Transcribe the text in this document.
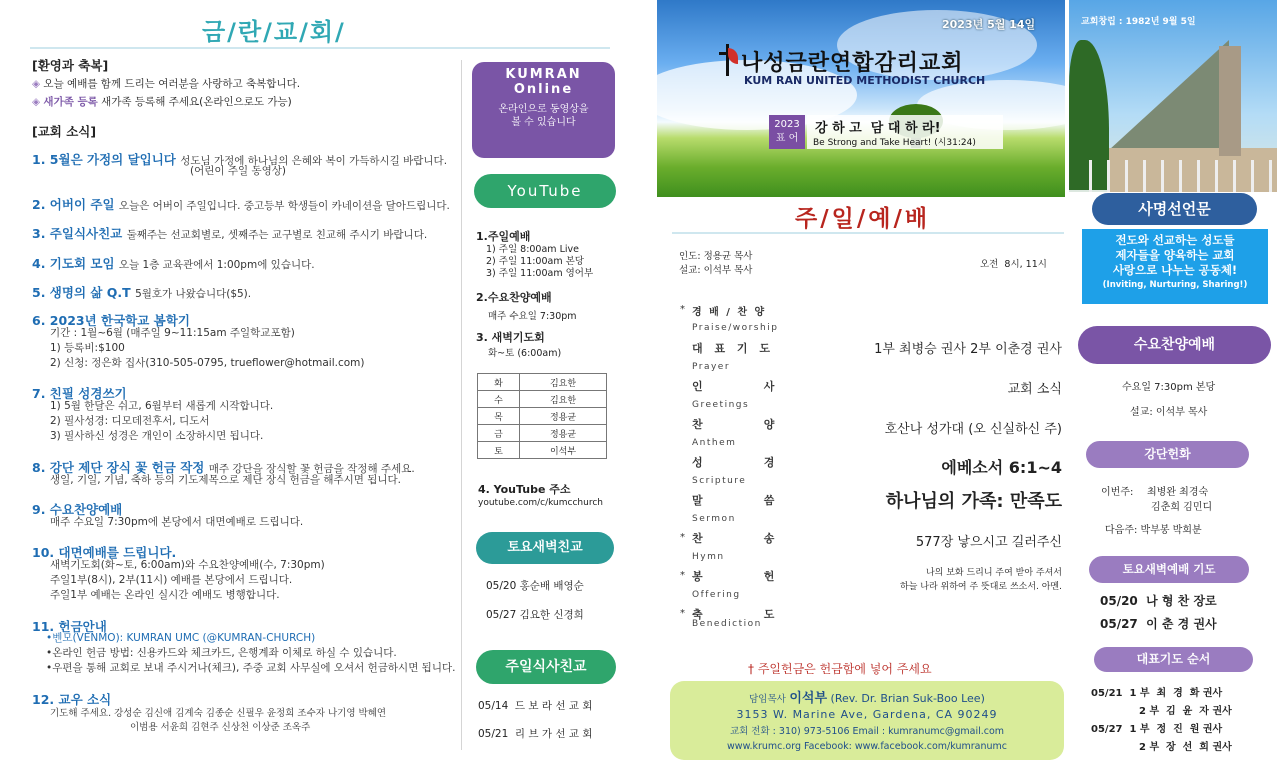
금/란/교/회/
[환영과 축복]
◈ 오늘 예배를 함께 드리는 여러분을 사랑하고 축복합니다.
◈ 새가족 등록 새가족 등록해 주세요(온라인으로도 가능)
[교회 소식]
1. 5월은 가정의 달입니다 성도님 가정에 하나님의 은혜와 복이 가득하시길 바랍니다.
(어린이 주일 동영상)
2. 어버이 주일 오늘은 어버이 주일입니다. 중고등부 학생들이 카네이션을 달아드립니다.
3. 주일식사친교 둘째주는 선교회별로, 셋째주는 교구별로 친교해 주시기 바랍니다.
4. 기도회 모임 오늘 1층 교육관에서 1:00pm에 있습니다.
5. 생명의 삶 Q.T 5월호가 나왔습니다($5).
6. 2023년 한국학교 봄학기
기간 : 1월~6월 (매주일 9~11:15am 주일학교포함)
1) 등록비:$100
2) 신청: 정은화 집사(310-505-0795, trueflower@hotmail.com)
7. 친필 성경쓰기
1) 5월 한달은 쉬고, 6월부터 새롭게 시작합니다.
2) 필사성경: 디모데전후서, 디도서
3) 필사하신 성경은 개인이 소장하시면 됩니다.
8. 강단 제단 장식 꽃 헌금 작정 매주 강단을 장식할 꽃 헌금을 작정해 주세요.
생일, 기일, 기념, 축하 등의 기도제목으로 제단 장식 헌금을 해주시면 됩니다.
9. 수요찬양예배
매주 수요일 7:30pm에 본당에서 대면예배로 드립니다.
10. 대면예배를 드립니다.
새벽기도회(화~토, 6:00am)와 수요찬양예배(수, 7:30pm)
주일1부(8시), 2부(11시) 예배를 본당에서 드립니다.
주일1부 예배는 온라인 실시간 예배도 병행합니다.
11. 헌금안내
•벤모(VENMO): KUMRAN UMC (@KUMRAN-CHURCH)
•온라인 헌금 방법: 신용카드와 체크카드, 은행계좌 이체로 하실 수 있습니다.
•우편을 통해 교회로 보내 주시거나(체크), 주중 교회 사무실에 오셔서 헌금하시면 됩니다.
12. 교우 소식
기도해 주세요. 강성순 김신애 김계숙 김종순 신필우 윤정희 조수자 나기영 박혜연
이범용 서윤희 김현주 신상천 이상준 조옥주
KUMRAN Online
온라인으로 동영상을 볼 수 있습니다
YouTube
1.주일예배
1) 주일 8:00am Live
2) 주일 11:00am 본당
3) 주일 11:00am 영어부
2.수요찬양예배
매주 수요일 7:30pm
3. 새벽기도회
화~토 (6:00am)
화	김요한
수	김요한
목	정용균
금	정용균
토	이석부
4. YouTube 주소
youtube.com/c/kumcchurch
토요새벽친교
05/20 홍순배 배영순
05/27 김요한 신경희
주일식사친교
05/14  드 보 라 선 교 회
05/21  리 브 가 선 교 회
2023년 5월 14일
나성금란연합감리교회
KUM RAN UNITED METHODIST CHURCH
2023
표 어
강 하 고  담 대 하 라!
Be Strong and Take Heart! (시31:24)
교회창립 : 1982년 9월 5일
주/일/예/배
인도: 정용균 목사
설교: 이석부 목사
오전  8시, 11시
* 경 배 / 찬 양
Praise/worship
대 표 기 도
Prayer
1부 최병승 권사 2부 이춘경 권사
인     사
Greetings
교회 소식
찬     양
Anthem
호산나 성가대 (오 신실하신 주)
성     경
Scripture
에베소서 6:1~4
말     씀
Sermon
하나님의 가족: 만족도
* 찬     송
Hymn
577장 낳으시고 길러주신
* 봉     헌
Offering
나의 보화 드리니 주여 받아 주셔서
하늘 나라 위하여 주 뜻대로 쓰소서. 아멘.
* 축     도
Benediction
† 주일헌금은 헌금함에 넣어 주세요
담임목사 이석부 (Rev. Dr. Brian Suk-Boo Lee)
3153 W. Marine Ave, Gardena, CA 90249
교회 전화 : 310) 973-5106 Email : kumranumc@gmail.com
www.krumc.org Facebook: www.facebook.com/kumranumc
사명선언문
전도와 선교하는 성도들
제자들을 양육하는 교회
사랑으로 나누는 공동체!
(Inviting, Nurturing, Sharing!)
수요찬양예배
수요일 7:30pm 본당
설교: 이석부 목사
강단헌화
이번주: 최병완 최경숙
김춘희 김민디
다음주: 박부봉 박희분
토요새벽예배 기도
05/20  나 형 찬 장로
05/27  이 춘 경 권사
대표기도 순서
05/21  1 부  최  경  화 권사
2 부  김  윤  자 권사
05/27  1 부  정  진  원 권사
2 부  장  선  희 권사
